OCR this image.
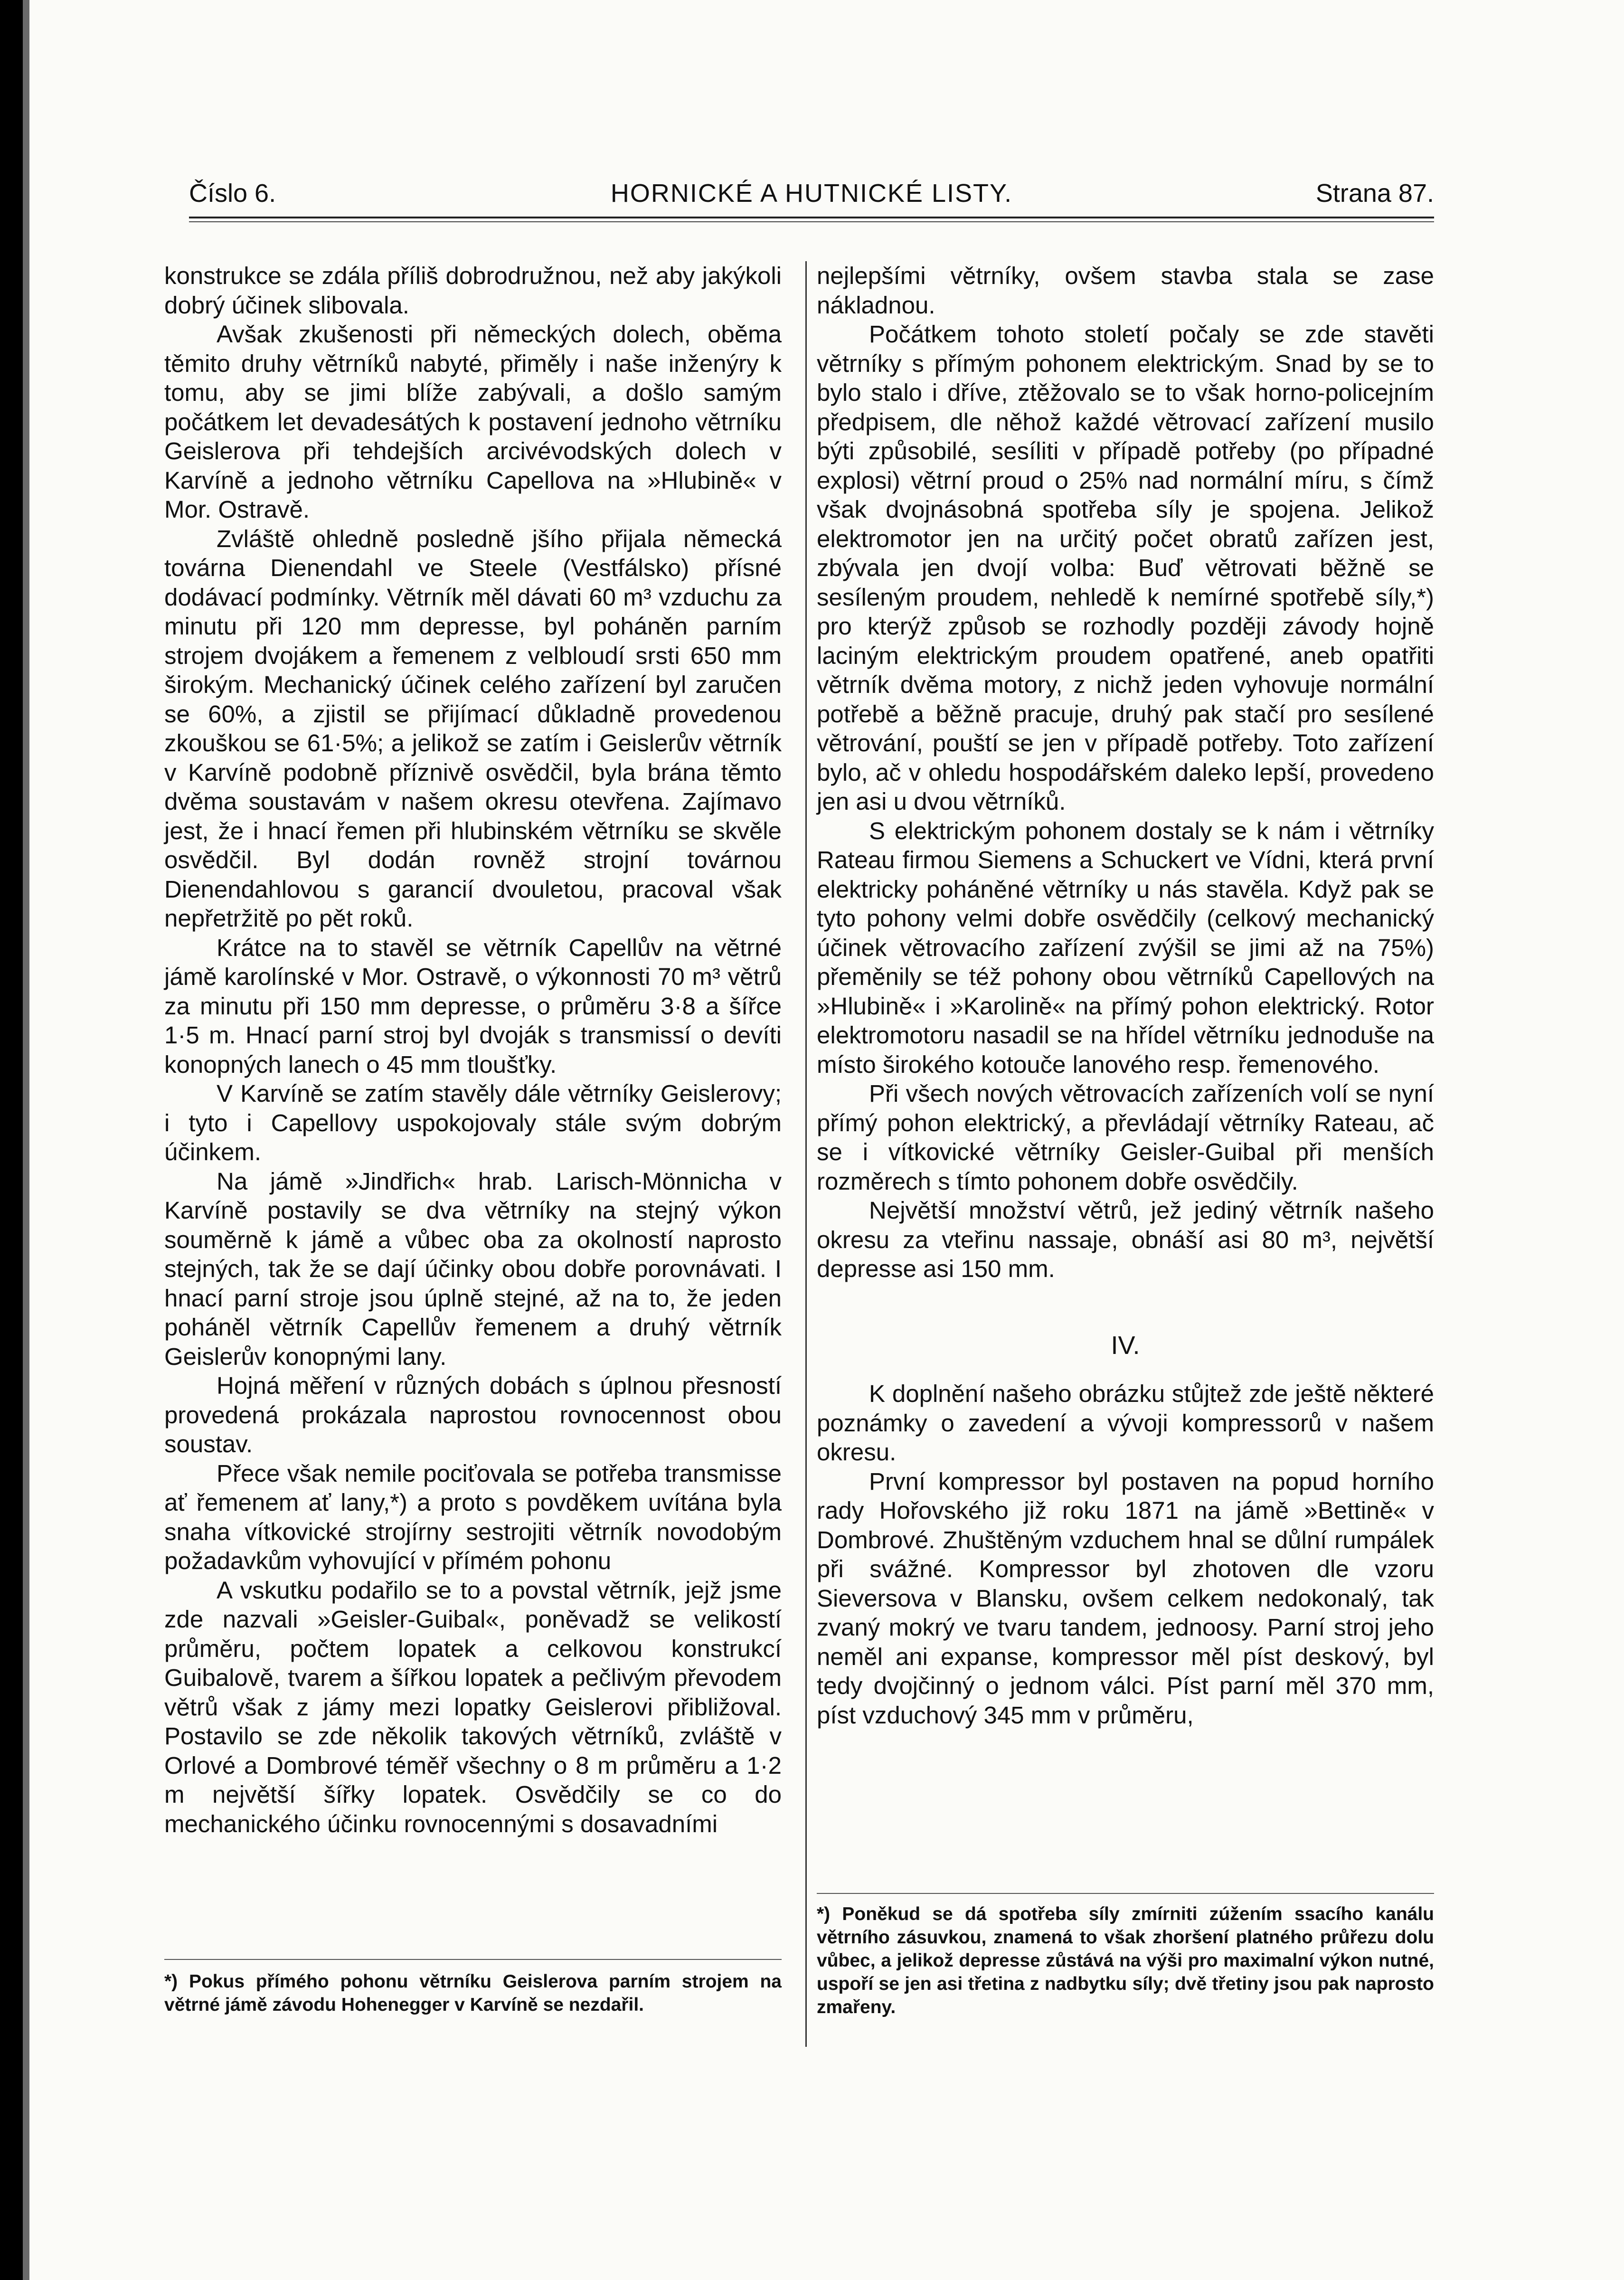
Číslo 6.	HORNICKÉ A HUTNICKÉ LISTY.	Strana 87.

konstrukce se zdála příliš dobrodružnou, než aby jakýkoli dobrý účinek slibovala.

Avšak zkušenosti při německých dolech, oběma těmito druhy větrníků nabyté, přiměly i naše inženýry k tomu, aby se jimi blíže zabývali, a došlo samým počátkem let devadesátých k postavení jednoho větrníku Geislerova při tehdejších arcivévodských dolech v Karvíně a jednoho větrníku Capellova na »Hlubině« v Mor. Ostravě.

Zvláště ohledně posledně jšího přijala německá továrna Dienendahl ve Steele (Vestfálsko) přísné dodávací podmínky. Větrník měl dávati 60 m³ vzduchu za minutu při 120 mm depresse, byl poháněn parním strojem dvojákem a řemenem z velbloudí srsti 650 mm širokým. Mechanický účinek celého zařízení byl zaručen se 60%, a zjistil se přijímací důkladně provedenou zkouškou se 61·5%; a jelikož se zatím i Geislerův větrník v Karvíně podobně příznivě osvědčil, byla brána těmto dvěma soustavám v našem okresu otevřena. Zajímavo jest, že i hnací řemen při hlubinském větrníku se skvěle osvědčil. Byl dodán rovněž strojní továrnou Dienendahlovou s garancií dvouletou, pracoval však nepřetržitě po pět roků.

Krátce na to stavěl se větrník Capellův na větrné jámě karolínské v Mor. Ostravě, o výkonnosti 70 m³ větrů za minutu při 150 mm depresse, o průměru 3·8 a šířce 1·5 m. Hnací parní stroj byl dvoják s transmissí o devíti konopných lanech o 45 mm tloušťky.

V Karvíně se zatím stavěly dále větrníky Geislerovy; i tyto i Capellovy uspokojovaly stále svým dobrým účinkem.

Na jámě »Jindřich« hrab. Larisch-Mönnicha v Karvíně postavily se dva větrníky na stejný výkon souměrně k jámě a vůbec oba za okolností naprosto stejných, tak že se dají účinky obou dobře porovnávati. I hnací parní stroje jsou úplně stejné, až na to, že jeden poháněl větrník Capellův řemenem a druhý větrník Geislerův konopnými lany.

Hojná měření v různých dobách s úplnou přesností provedená prokázala naprostou rovnocennost obou soustav.

Přece však nemile pociťovala se potřeba transmisse ať řemenem ať lany,*) a proto s povděkem uvítána byla snaha vítkovické strojírny sestrojiti větrník novodobým požadavkům vyhovující v přímém pohonu

A vskutku podařilo se to a povstal větrník, jejž jsme zde nazvali »Geisler-Guibal«, poněvadž se velikostí průměru, počtem lopatek a celkovou konstrukcí Guibalově, tvarem a šířkou lopatek a pečlivým převodem větrů však z jámy mezi lopatky Geislerovi přibližoval. Postavilo se zde několik takových větrníků, zvláště v Orlové a Dombrové téměř všechny o 8 m průměru a 1·2 m největší šířky lopatek. Osvědčily se co do mechanického účinku rovnocennými s dosavadními

nejlepšími větrníky, ovšem stavba stala se zase nákladnou.

Počátkem tohoto století počaly se zde stavěti větrníky s přímým pohonem elektrickým. Snad by se to bylo stalo i dříve, ztěžovalo se to však horno-policejním předpisem, dle něhož každé větrovací zařízení musilo býti způsobilé, sesíliti v případě potřeby (po případné explosi) větrní proud o 25% nad normální míru, s čímž však dvojnásobná spotřeba síly je spojena. Jelikož elektromotor jen na určitý počet obratů zařízen jest, zbývala jen dvojí volba: Buď větrovati běžně se sesíleným proudem, nehledě k nemírné spotřebě síly,*) pro kterýž způsob se rozhodly později závody hojně laciným elektrickým proudem opatřené, aneb opatřiti větrník dvěma motory, z nichž jeden vyhovuje normální potřebě a běžně pracuje, druhý pak stačí pro sesílené větrování, pouští se jen v případě potřeby. Toto zařízení bylo, ač v ohledu hospodářském daleko lepší, provedeno jen asi u dvou větrníků.

S elektrickým pohonem dostaly se k nám i větrníky Rateau firmou Siemens a Schuckert ve Vídni, která první elektricky poháněné větrníky u nás stavěla. Když pak se tyto pohony velmi dobře osvědčily (celkový mechanický účinek větrovacího zařízení zvýšil se jimi až na 75%) přeměnily se též pohony obou větrníků Capellových na »Hlubině« i »Karolině« na přímý pohon elektrický. Rotor elektromotoru nasadil se na hřídel větrníku jednoduše na místo širokého kotouče lanového resp. řemenového.

Při všech nových větrovacích zařízeních volí se nyní přímý pohon elektrický, a převládají větrníky Rateau, ač se i vítkovické větrníky Geisler-Guibal při menších rozměrech s tímto pohonem dobře osvědčily.

Největší množství větrů, jež jediný větrník našeho okresu za vteřinu nassaje, obnáší asi 80 m³, největší depresse asi 150 mm.

IV.

K doplnění našeho obrázku stůjtež zde ještě některé poznámky o zavedení a vývoji kompressorů v našem okresu.

První kompressor byl postaven na popud horního rady Hořovského již roku 1871 na jámě »Bettině« v Dombrové. Zhuštěným vzduchem hnal se důlní rumpálek při svážné. Kompressor byl zhotoven dle vzoru Sieversova v Blansku, ovšem celkem nedokonalý, tak zvaný mokrý ve tvaru tandem, jednoosy. Parní stroj jeho neměl ani expanse, kompressor měl píst deskový, byl tedy dvojčinný o jednom válci. Píst parní měl 370 mm, píst vzduchový 345 mm v průměru,

*) Pokus přímého pohonu větrníku Geislerova parním strojem na větrné jámě závodu Hohenegger v Karvíně se nezdařil.
*) Poněkud se dá spotřeba síly zmírniti zúžením ssacího kanálu větrního zásuvkou, znamená to však zhoršení platného průřezu dolu vůbec, a jelikož depresse zůstává na výši pro maximalní výkon nutné, uspoří se jen asi třetina z nadbytku síly; dvě třetiny jsou pak naprosto zmařeny.
